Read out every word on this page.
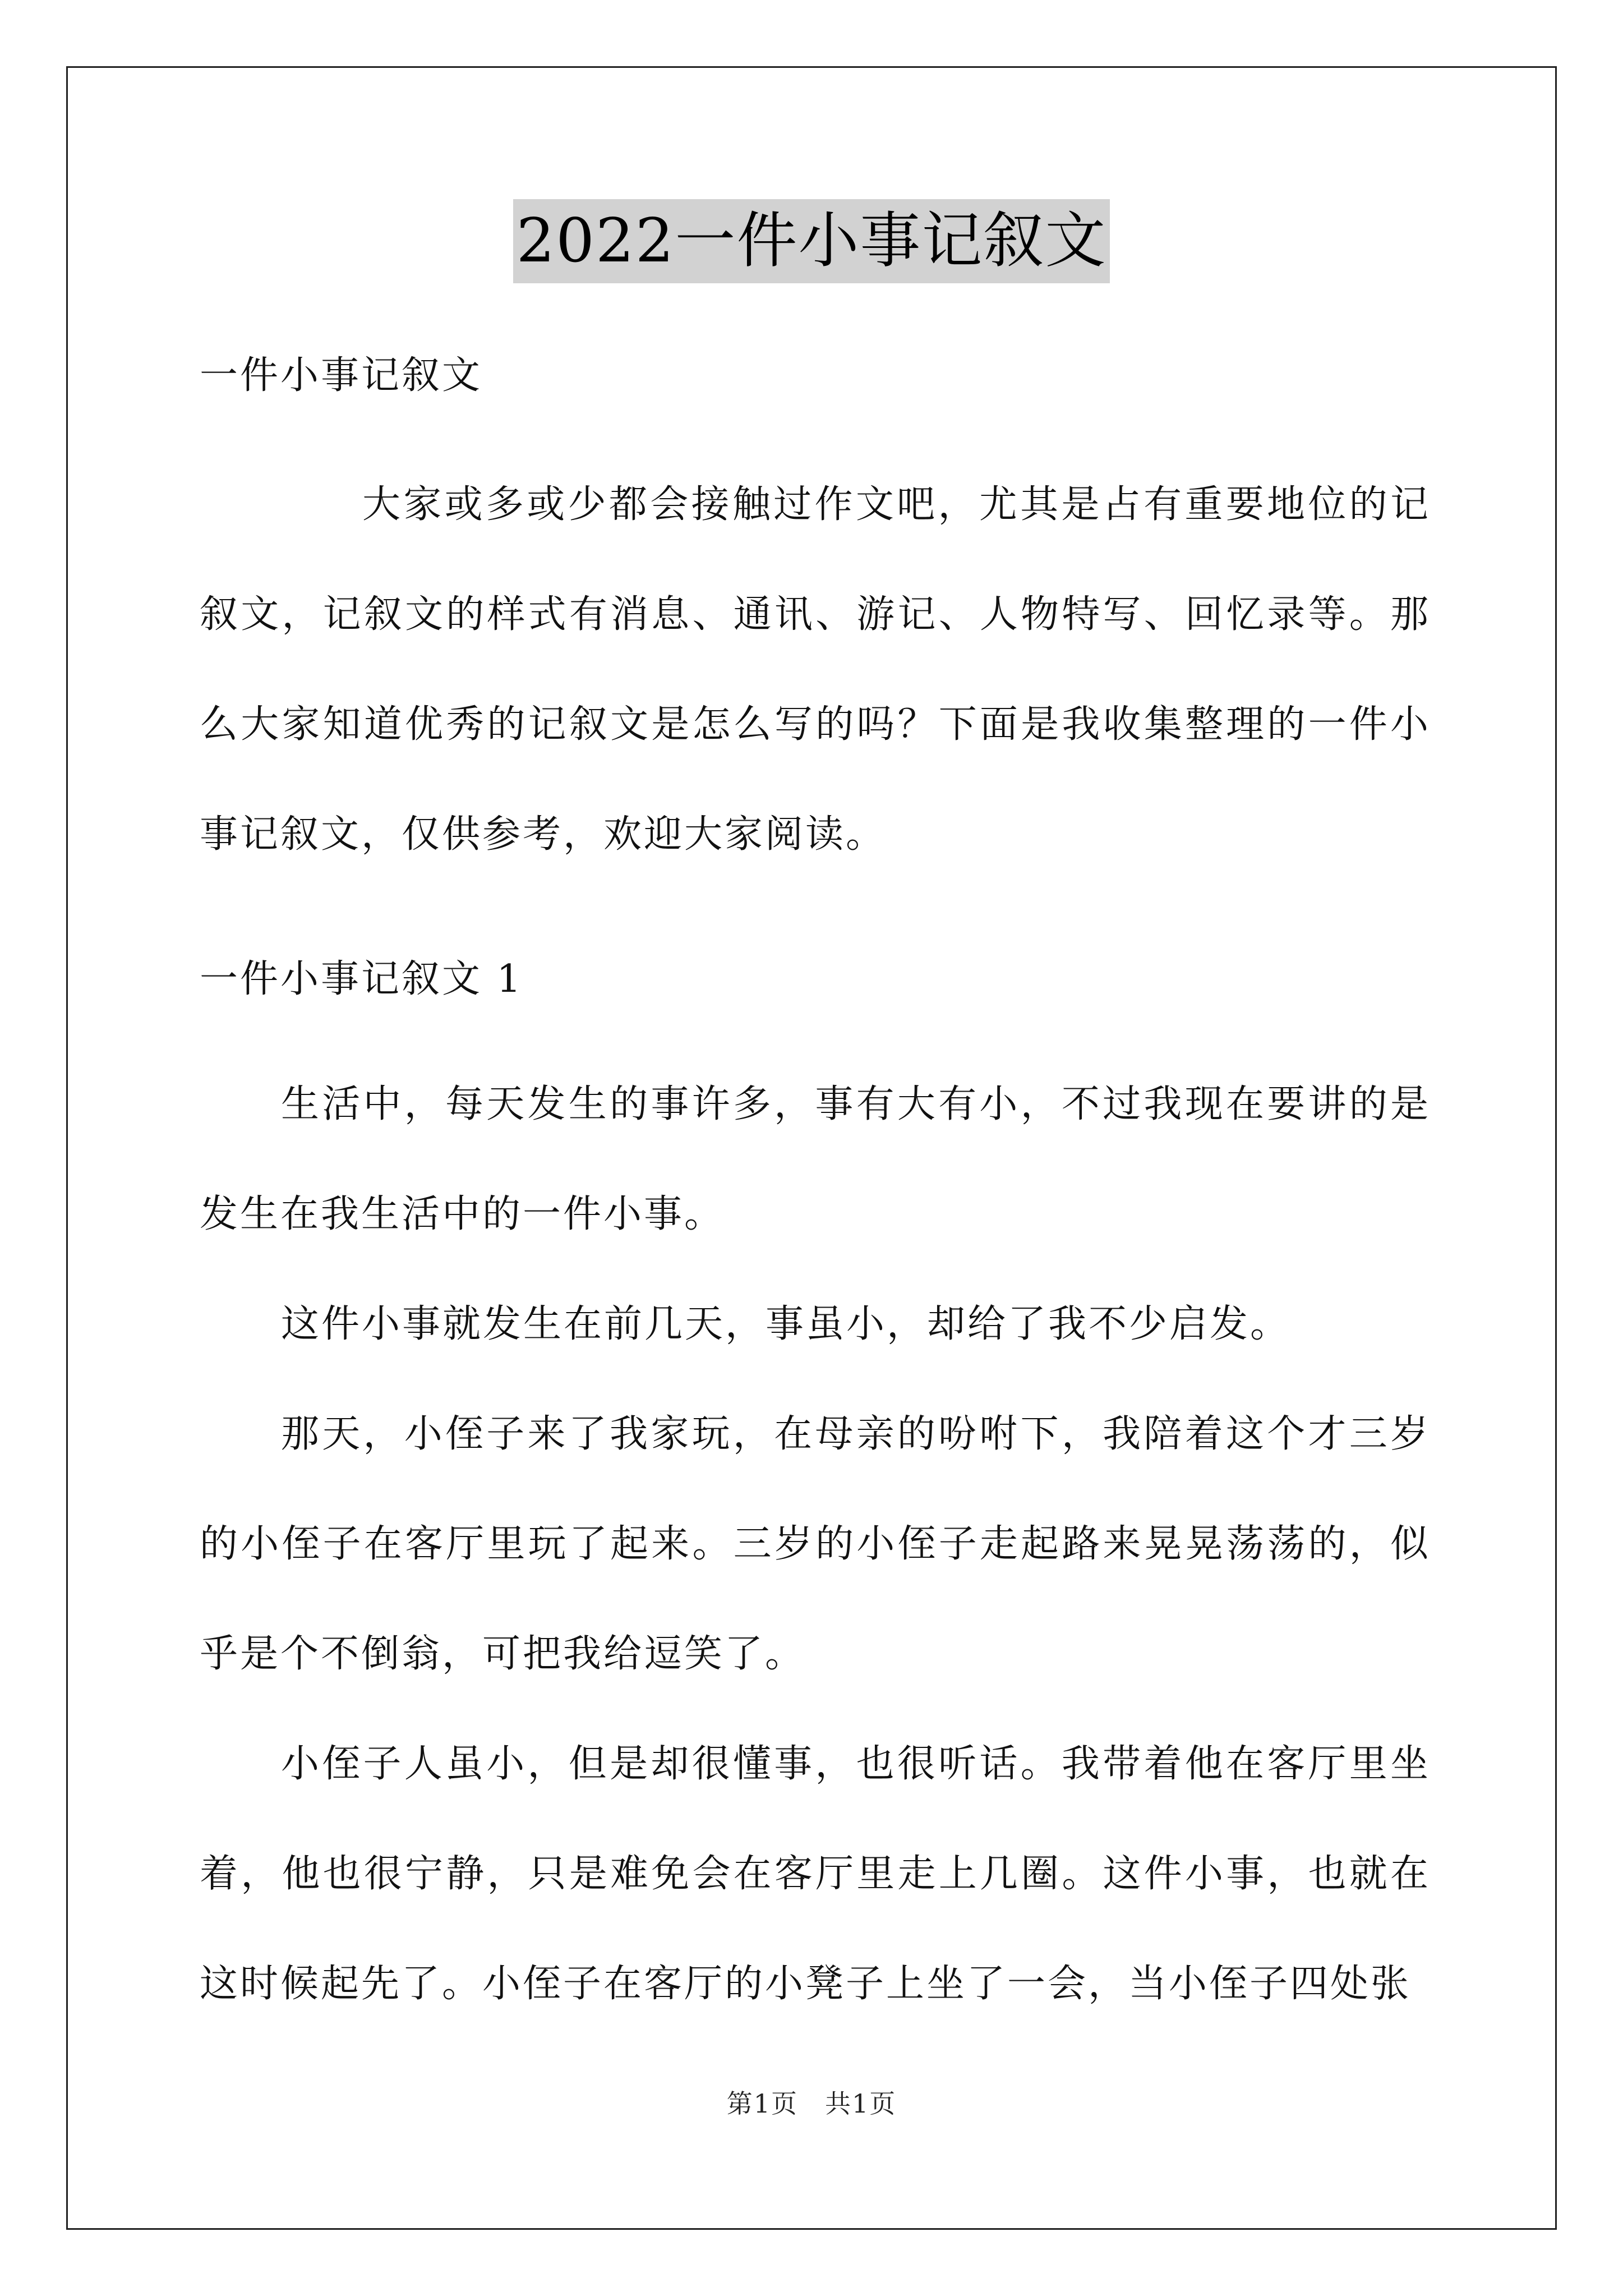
2022一件小事记叙文

一件小事记叙文

大家或多或少都会接触过作文吧，尤其是占有重要地位的记叙文，记叙文的样式有消息、通讯、游记、人物特写、回忆录等。那么大家知道优秀的记叙文是怎么写的吗？下面是我收集整理的一件小事记叙文，仅供参考，欢迎大家阅读。

一件小事记叙文 1

生活中，每天发生的事许多，事有大有小，不过我现在要讲的是发生在我生活中的一件小事。

这件小事就发生在前几天，事虽小，却给了我不少启发。

那天，小侄子来了我家玩，在母亲的吩咐下，我陪着这个才三岁的小侄子在客厅里玩了起来。三岁的小侄子走起路来晃晃荡荡的，似乎是个不倒翁，可把我给逗笑了。

小侄子人虽小，但是却很懂事，也很听话。我带着他在客厅里坐着，他也很宁静，只是难免会在客厅里走上几圈。这件小事，也就在这时候起先了。小侄子在客厅的小凳子上坐了一会，当小侄子四处张

第1页　共1页
